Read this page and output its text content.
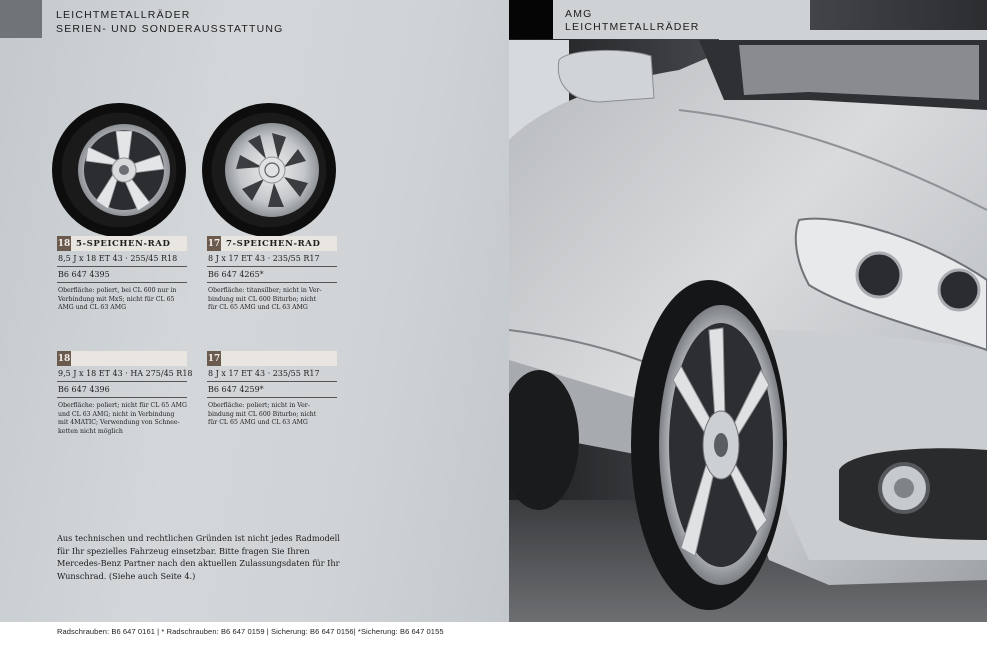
LEICHTMETALLRÄDER
SERIEN- UND SONDERAUSSTATTUNG
18 5-SPEICHEN-RAD
8,5 J x 18 ET 43 · 255/45 R18
B6 647 4395
Oberfläche: poliert, bei CL 600 nur in
Verbindung mit MxS; nicht für CL 65
AMG und CL 63 AMG
17 7-SPEICHEN-RAD
8 J x 17 ET 43 · 235/55 R17
B6 647 4265*
Oberfläche: titansilber; nicht in Ver-
bindung mit CL 600 Biturbo; nicht
für CL 65 AMG und CL 63 AMG
18
9,5 J x 18 ET 43 · HA 275/45 R18
B6 647 4396
Oberfläche: poliert; nicht für CL 65 AMG
und CL 63 AMG; nicht in Verbindung
mit 4MATIC; Verwendung von Schnee-
ketten nicht möglich
17
8 J x 17 ET 43 · 235/55 R17
B6 647 4259*
Oberfläche: poliert; nicht in Ver-
bindung mit CL 600 Biturbo; nicht
für CL 65 AMG und CL 63 AMG
Aus technischen und rechtlichen Gründen ist nicht jedes Radmodell
für Ihr spezielles Fahrzeug einsetzbar. Bitte fragen Sie Ihren
Mercedes-Benz Partner nach den aktuellen Zulassungsdaten für Ihr
Wunschrad. (Siehe auch Seite 4.)
AMG
LEICHTMETALLRÄDER
Radschrauben: B6 647 0161 | * Radschrauben: B6 647 0159 | Sicherung: B6 647 0156| *Sicherung: B6 647 0155
